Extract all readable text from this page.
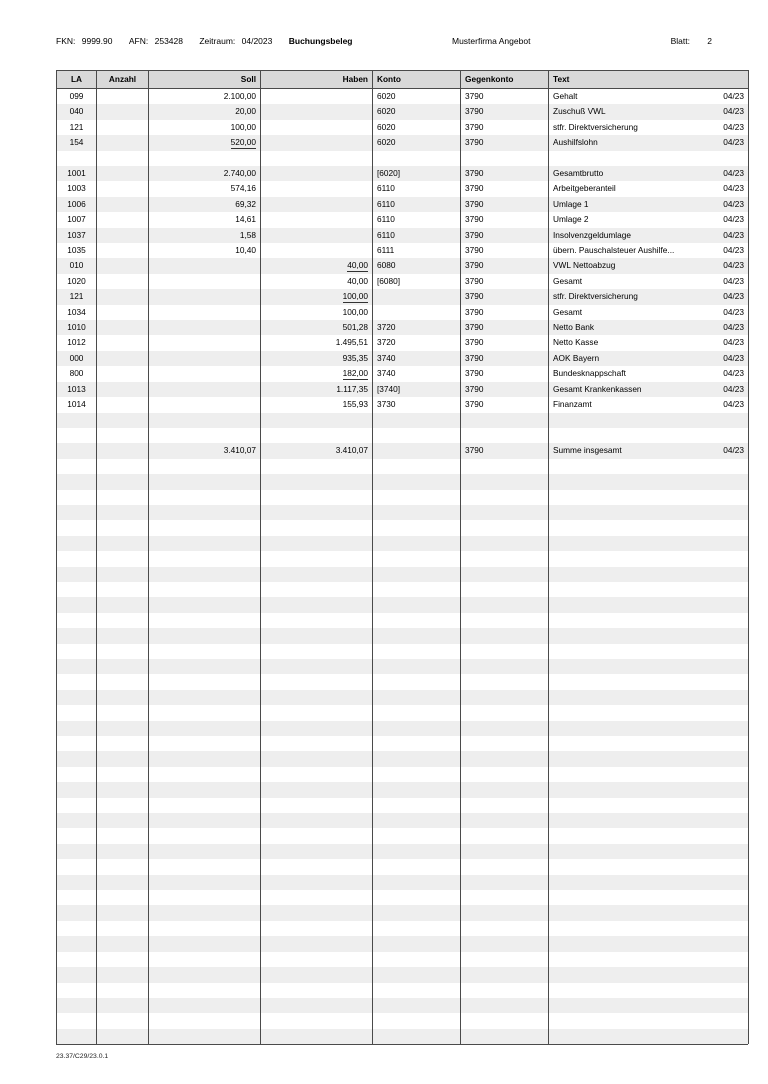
FKN: 9999.90 AFN: 253428 Zeitraum: 04/2023 Buchungsbeleg	Musterfirma Angebot	Blatt: 2
LA	Anzahl	Soll	Haben	Konto	Gegenkonto	Text
099		2.100,00		6020	3790	Gehalt 04/23

040		20,00		6020	3790	Zuschuß VWL 04/23

121		100,00		6020	3790	stfr. Direktversicherung 04/23

154		520,00		6020	3790	Aushilfslohn 04/23

1001		2.740,00		[6020]	3790	Gesamtbrutto 04/23

1003		574,16		6110	3790	Arbeitgeberanteil 04/23

1006		69,32		6110	3790	Umlage 1 04/23

1007		14,61		6110	3790	Umlage 2 04/23

1037		1,58		6110	3790	Insolvenzgeldumlage 04/23

1035		10,40		6111	3790	übern. Pauschalsteuer Aushilfe... 04/23

010			40,00	6080	3790	VWL Nettoabzug 04/23

1020			40,00	[6080]	3790	Gesamt 04/23

121			100,00		3790	stfr. Direktversicherung 04/23

1034			100,00		3790	Gesamt 04/23

1010			501,28	3720	3790	Netto Bank 04/23

1012			1.495,51	3720	3790	Netto Kasse 04/23

000			935,35	3740	3790	AOK Bayern 04/23

800			182,00	3740	3790	Bundesknappschaft 04/23

1013			1.117,35	[3740]	3790	Gesamt Krankenkassen 04/23

1014			155,93	3730	3790	Finanzamt 04/23

		3.410,07	3.410,07		3790	Summe insgesamt 04/23

23.37/C29/23.0.1
